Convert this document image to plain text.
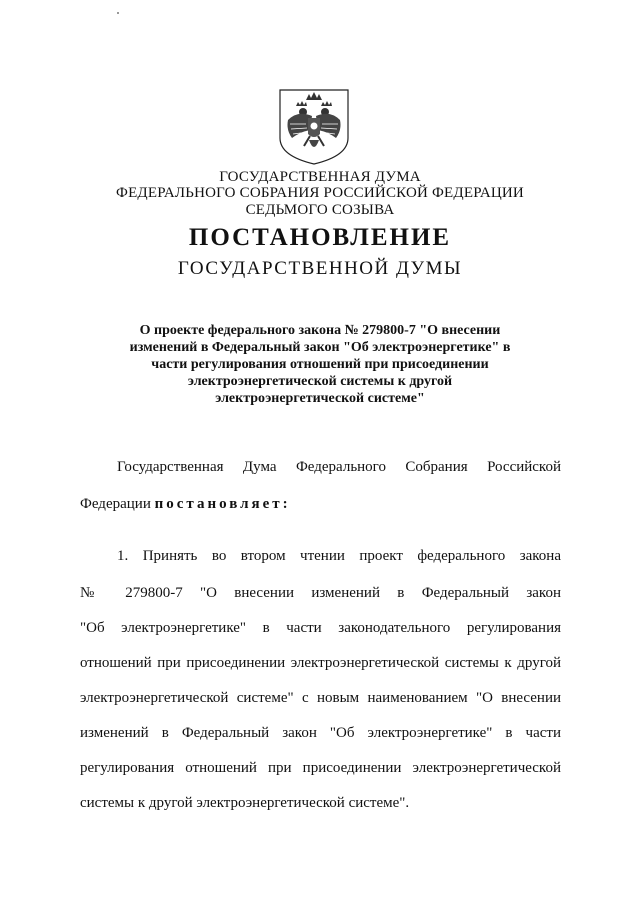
ГОСУДАРСТВЕННАЯ ДУМА
ФЕДЕРАЛЬНОГО СОБРАНИЯ РОССИЙСКОЙ ФЕДЕРАЦИИ
СЕДЬМОГО СОЗЫВА
ПОСТАНОВЛЕНИЕ
ГОСУДАРСТВЕННОЙ ДУМЫ
О проекте федерального закона № 279800-7 "О внесении
изменений в Федеральный закон "Об электроэнергетике" в
части регулирования отношений при присоединении
электроэнергетической системы к другой
электроэнергетической системе"
Государственная Дума Федерального Собрания Российской
Федерации постановляет:
1. Принять во втором чтении проект федерального закона
№ 279800-7 "О внесении изменений в Федеральный закон
"Об электроэнергетике" в части законодательного регулирования
отношений при присоединении электроэнергетической системы к другой
электроэнергетической системе" с новым наименованием "О внесении
изменений в Федеральный закон "Об электроэнергетике" в части
регулирования отношений при присоединении электроэнергетической
системы к другой электроэнергетической системе".
